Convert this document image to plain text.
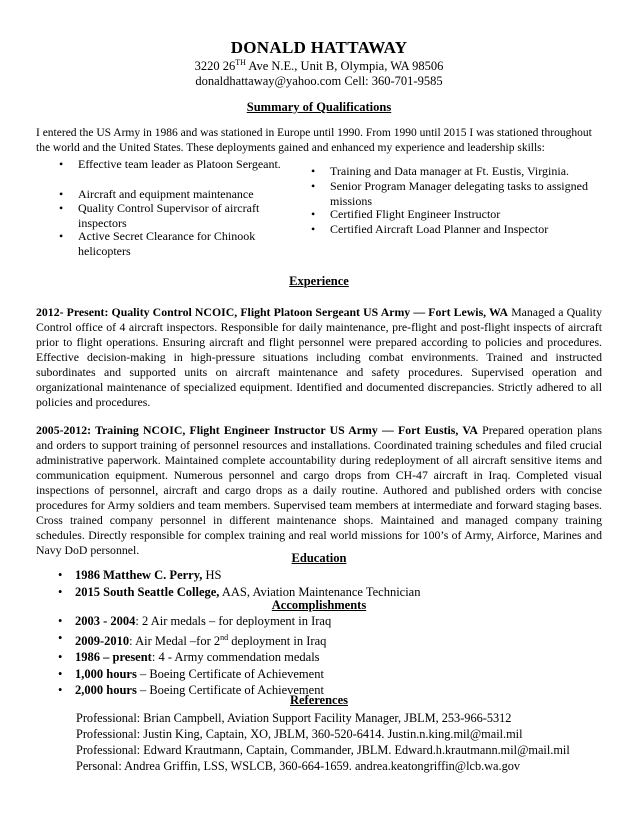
DONALD HATTAWAY
3220 26TH Ave N.E., Unit B, Olympia, WA 98506
donaldhattaway@yahoo.com Cell: 360-701-9585
Summary of Qualifications
I entered the US Army in 1986 and was stationed in Europe until 1990. From 1990 until 2015 I was stationed throughout the world and the United States. These deployments gained and enhanced my experience and leadership skills:
• Effective team leader as Platoon Sergeant.
• Aircraft and equipment maintenance
• Quality Control Supervisor of aircraft inspectors
• Active Secret Clearance for Chinook helicopters
• Training and Data manager at Ft. Eustis, Virginia.
• Senior Program Manager delegating tasks to assigned missions
• Certified Flight Engineer Instructor
• Certified Aircraft Load Planner and Inspector
Experience
2012- Present: Quality Control NCOIC, Flight Platoon Sergeant US Army — Fort Lewis, WA Managed a Quality Control office of 4 aircraft inspectors. Responsible for daily maintenance, pre-flight and post-flight inspects of aircraft prior to flight operations. Ensuring aircraft and flight personnel were prepared according to policies and procedures. Effective decision-making in high-pressure situations including combat environments. Trained and instructed subordinates and supported units on aircraft maintenance and safety procedures. Supervised operation and organizational maintenance of specialized equipment. Identified and documented discrepancies. Strictly adhered to all policies and procedures.
2005-2012: Training NCOIC, Flight Engineer Instructor US Army — Fort Eustis, VA Prepared operation plans and orders to support training of personnel resources and installations. Coordinated training schedules and filed crucial administrative paperwork. Maintained complete accountability during redeployment of all aircraft sensitive items and communication equipment. Numerous personnel and cargo drops from CH-47 aircraft in Iraq. Completed visual inspections of personnel, aircraft and cargo drops as a daily routine. Authored and published orders with concise procedures for Army soldiers and team members. Supervised team members at intermediate and forward staging bases. Cross trained company personnel in different maintenance shops. Maintained and managed company training schedules. Directly responsible for complex training and real world missions for 100’s of Army, Airforce, Marines and Navy DoD personnel.
Education
• 1986 Matthew C. Perry, HS
• 2015 South Seattle College, AAS, Aviation Maintenance Technician
Accomplishments
• 2003 - 2004: 2 Air medals – for deployment in Iraq
• 2009-2010: Air Medal –for 2nd deployment in Iraq
• 1986 – present: 4 - Army commendation medals
• 1,000 hours – Boeing Certificate of Achievement
• 2,000 hours – Boeing Certificate of Achievement
References
Professional: Brian Campbell, Aviation Support Facility Manager, JBLM, 253-966-5312
Professional: Justin King, Captain, XO, JBLM, 360-520-6414. Justin.n.king.mil@mail.mil
Professional: Edward Krautmann, Captain, Commander, JBLM. Edward.h.krautmann.mil@mail.mil
Personal: Andrea Griffin, LSS, WSLCB, 360-664-1659. andrea.keatongriffin@lcb.wa.gov
